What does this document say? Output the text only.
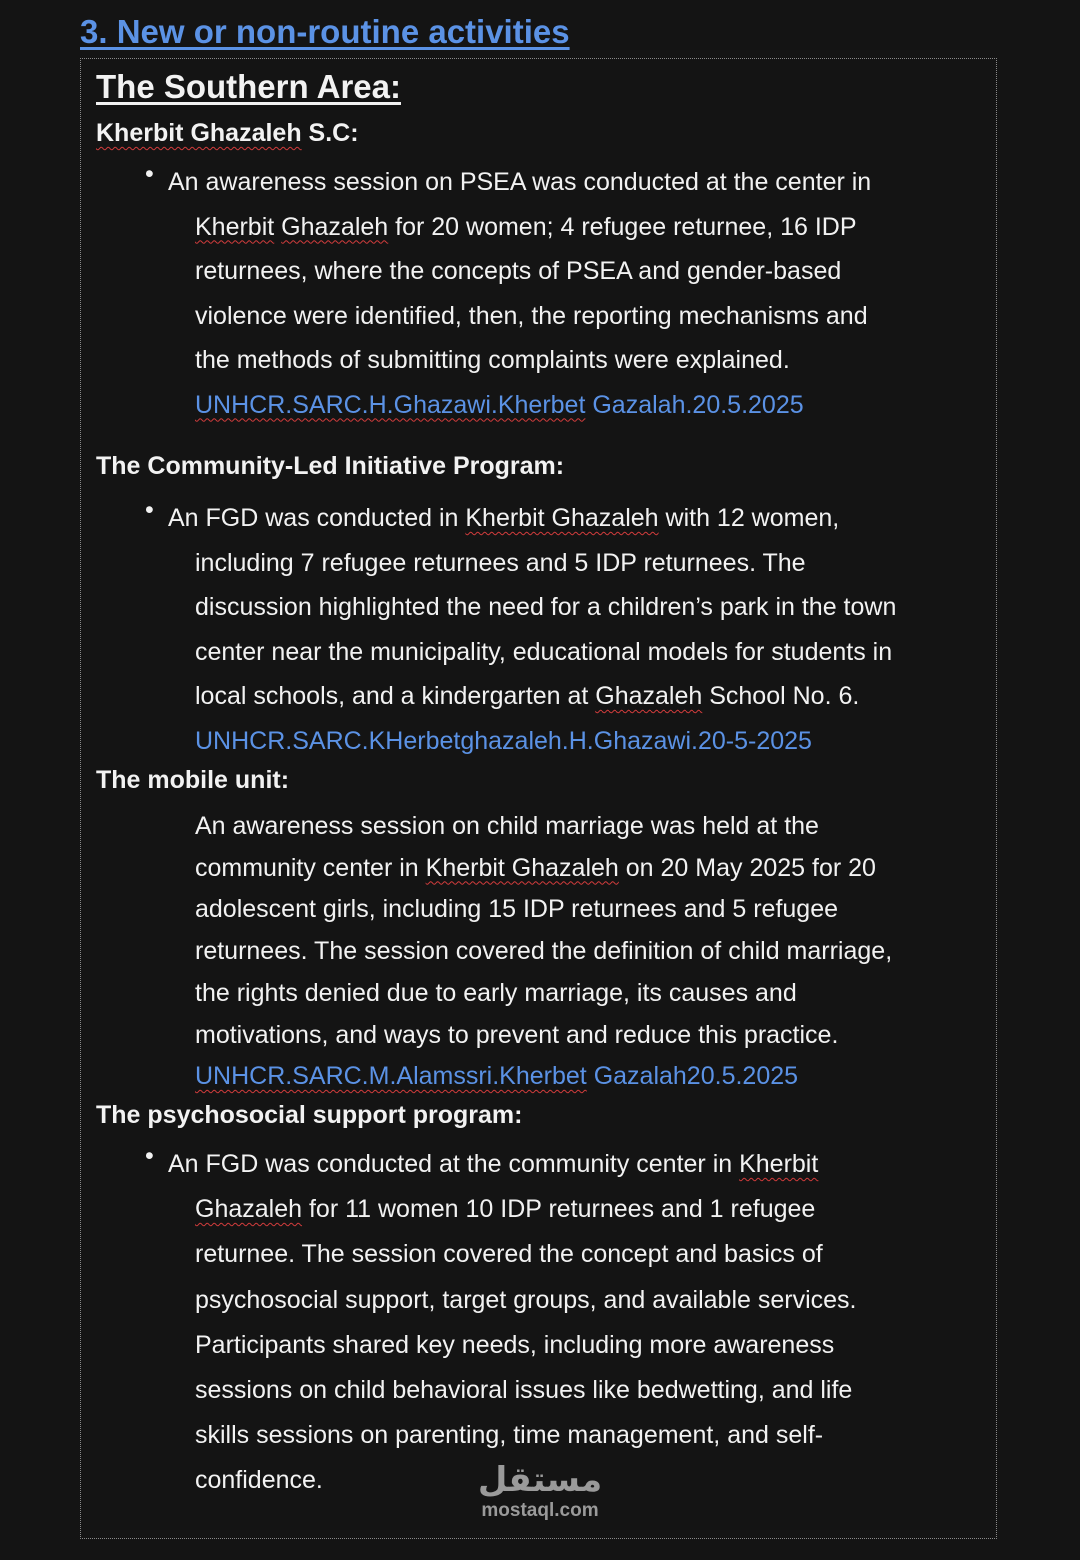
3. New or non-routine activities
The Southern Area:
Kherbit Ghazaleh S.C:
• An awareness session on PSEA was conducted at the center in
Kherbit Ghazaleh for 20 women; 4 refugee returnee, 16 IDP
returnees, where the concepts of PSEA and gender-based
violence were identified, then, the reporting mechanisms and
the methods of submitting complaints were explained.
UNHCR.SARC.H.Ghazawi.Kherbet Gazalah.20.5.2025
The Community-Led Initiative Program:
• An FGD was conducted in Kherbit Ghazaleh with 12 women,
including 7 refugee returnees and 5 IDP returnees. The
discussion highlighted the need for a children’s park in the town
center near the municipality, educational models for students in
local schools, and a kindergarten at Ghazaleh School No. 6.
UNHCR.SARC.KHerbetghazaleh.H.Ghazawi.20-5-2025
The mobile unit:
An awareness session on child marriage was held at the
community center in Kherbit Ghazaleh on 20 May 2025 for 20
adolescent girls, including 15 IDP returnees and 5 refugee
returnees. The session covered the definition of child marriage,
the rights denied due to early marriage, its causes and
motivations, and ways to prevent and reduce this practice.
UNHCR.SARC.M.Alamssri.Kherbet Gazalah20.5.2025
The psychosocial support program:
• An FGD was conducted at the community center in Kherbit
Ghazaleh for 11 women 10 IDP returnees and 1 refugee
returnee. The session covered the concept and basics of
psychosocial support, target groups, and available services.
Participants shared key needs, including more awareness
sessions on child behavioral issues like bedwetting, and life
skills sessions on parenting, time management, and self-
confidence.	مستقل
mostaql.com
